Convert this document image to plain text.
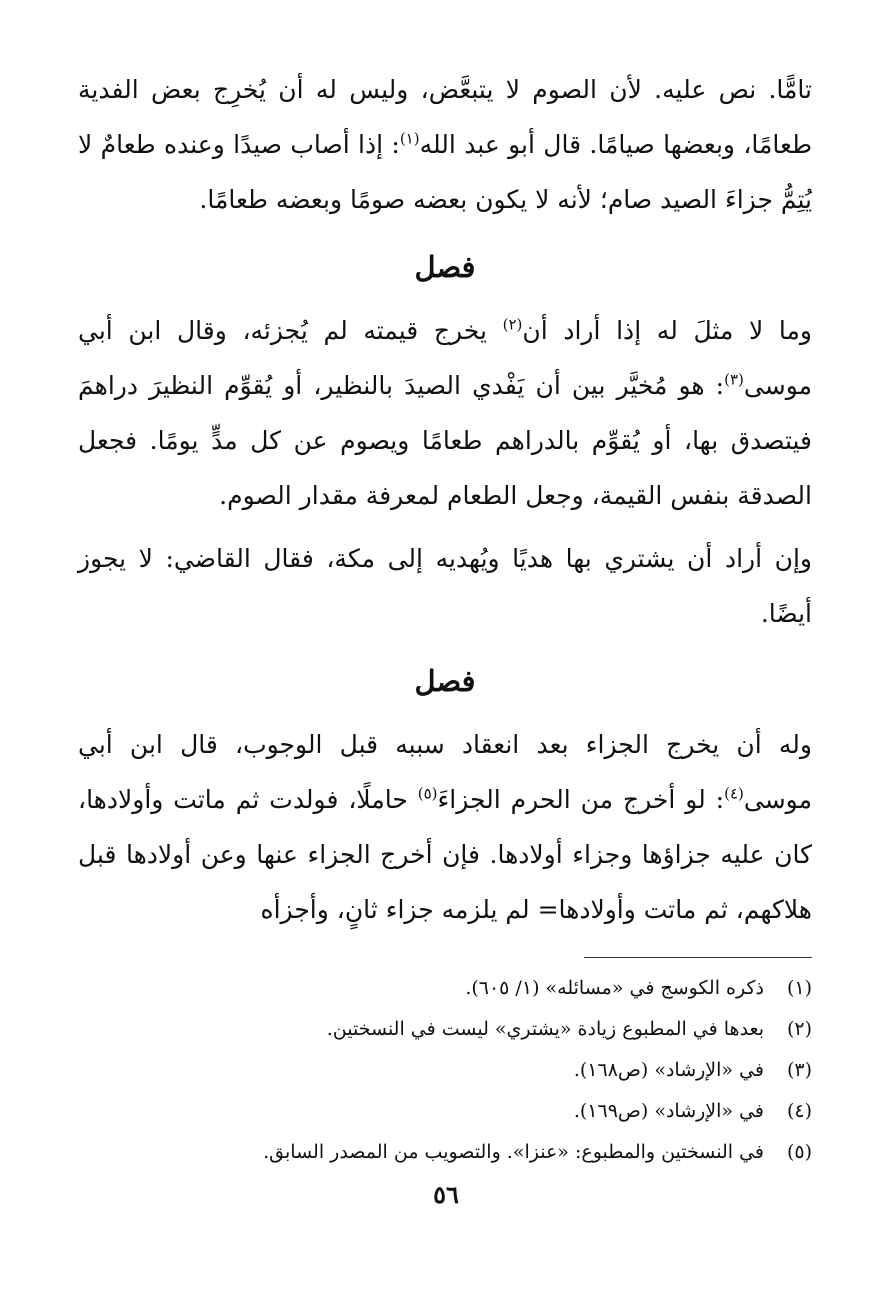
تامًّا. نص عليه. لأن الصوم لا يتبعَّض، وليس له أن يُخرِج بعض الفدية طعامًا، وبعضها صيامًا. قال أبو عبد الله$^{(١)}$: إذا أصاب صيدًا وعنده طعامٌ لا يُتِمُّ جزاءَ الصيد صام؛ لأنه لا يكون بعضه صومًا وبعضه طعامًا.

فصل

وما لا مثلَ له إذا أراد أن$^{(٢)}$ يخرج قيمته لم يُجزئه، وقال ابن أبي موسى$^{(٣)}$: هو مُخيَّر بين أن يَفْدي الصيدَ بالنظير، أو يُقوِّم النظيرَ دراهمَ فيتصدق بها، أو يُقوِّم بالدراهم طعامًا ويصوم عن كل مدٍّ يومًا. فجعل الصدقة بنفس القيمة، وجعل الطعام لمعرفة مقدار الصوم.

وإن أراد أن يشتري بها هديًا ويُهديه إلى مكة، فقال القاضي: لا يجوز أيضًا.

فصل

وله أن يخرج الجزاء بعد انعقاد سببه قبل الوجوب، قال ابن أبي موسى$^{(٤)}$: لو أخرج من الحرم الجزاءَ$^{(٥)}$ حاملًا، فولدت ثم ماتت وأولادها، كان عليه جزاؤها وجزاء أولادها. فإن أخرج الجزاء عنها وعن أولادها قبل هلاكهم، ثم ماتت وأولادها= لم يلزمه جزاء ثانٍ، وأجزأه

(١)
ذكره الكوسج في «مسائله» (١/ ٦٠٥).
(٢)
بعدها في المطبوع زيادة «يشتري» ليست في النسختين.
(٣)
في «الإرشاد» (ص١٦٨).
(٤)
في «الإرشاد» (ص١٦٩).
(٥)
في النسختين والمطبوع: «عنزا». والتصويب من المصدر السابق.
٥٦
